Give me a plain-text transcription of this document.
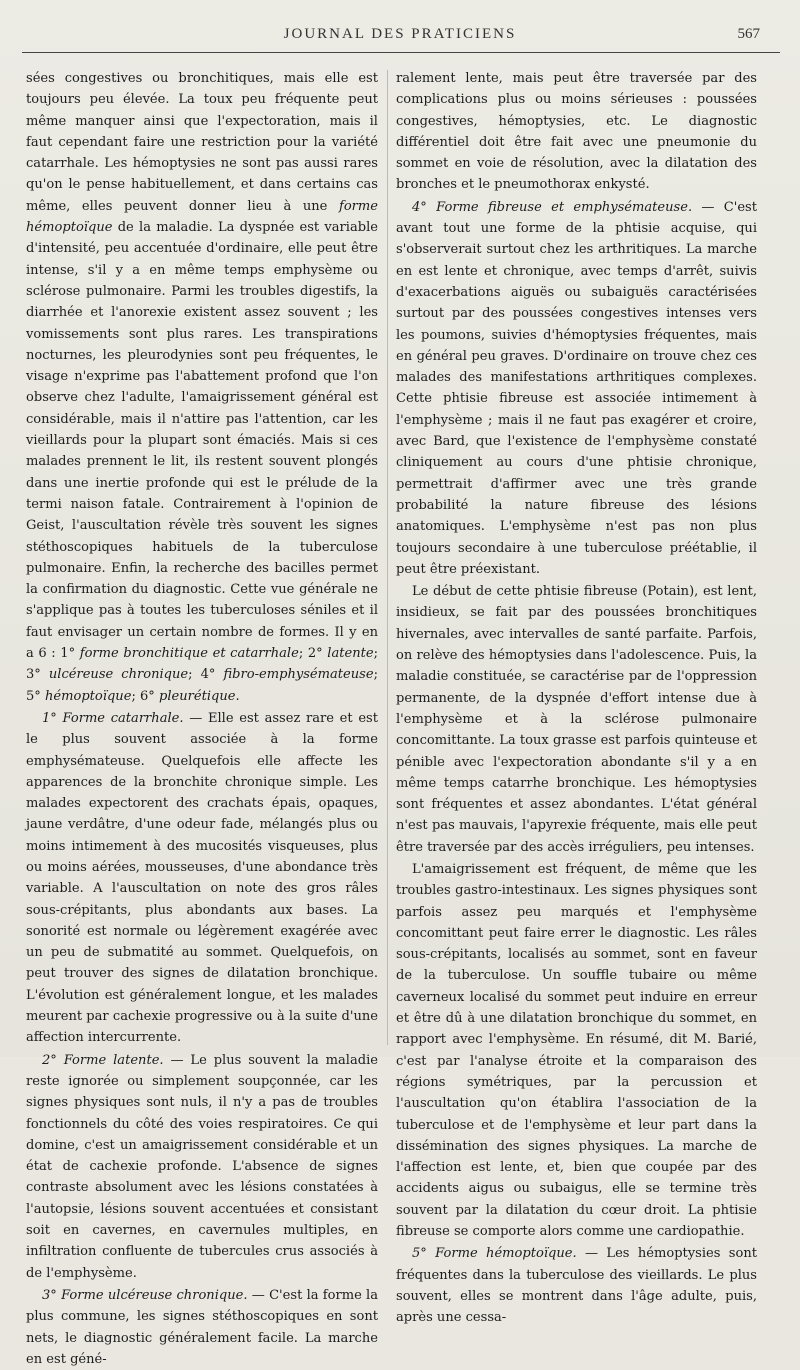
JOURNAL DES PRATICIENS	567

sées congestives ou bronchitiques, mais elle est toujours peu élevée. La toux peu fréquente peut même manquer ainsi que l'expectoration, mais il faut cependant faire une restriction pour la variété catarrhale. Les hémoptysies ne sont pas aussi rares qu'on le pense habituellement, et dans certains cas même, elles peuvent donner lieu à une forme hémoptoïque de la maladie. La dyspnée est variable d'intensité, peu accentuée d'ordinaire, elle peut être intense, s'il y a en même temps emphysème ou sclérose pulmonaire. Parmi les troubles digestifs, la diarrhée et l'anorexie existent assez souvent ; les vomissements sont plus rares. Les transpirations nocturnes, les pleurodynies sont peu fréquentes, le visage n'exprime pas l'abattement profond que l'on observe chez l'adulte, l'amaigrissement général est considérable, mais il n'attire pas l'attention, car les vieillards pour la plupart sont émaciés. Mais si ces malades prennent le lit, ils restent souvent plongés dans une inertie profonde qui est le prélude de la termi naison fatale. Contrairement à l'opinion de Geist, l'auscultation révèle très souvent les signes stéthoscopiques habituels de la tuberculose pulmonaire. Enfin, la recherche des bacilles permet la confirmation du diagnostic. Cette vue générale ne s'applique pas à toutes les tuberculoses séniles et il faut envisager un certain nombre de formes. Il y en a 6 : 1° forme bronchitique et catarrhale; 2° latente; 3° ulcéreuse chronique; 4° fibro-emphysémateuse; 5° hémoptoïque; 6° pleurétique.

1° Forme catarrhale. — Elle est assez rare et est le plus souvent associée à la forme emphysémateuse. Quelquefois elle affecte les apparences de la bronchite chronique simple. Les malades expectorent des crachats épais, opaques, jaune verdâtre, d'une odeur fade, mélangés plus ou moins intimement à des mucosités visqueuses, plus ou moins aérées, mousseuses, d'une abondance très variable. A l'auscultation on note des gros râles sous-crépitants, plus abondants aux bases. La sonorité est normale ou légèrement exagérée avec un peu de submatité au sommet. Quelquefois, on peut trouver des signes de dilatation bronchique. L'évolution est généralement longue, et les malades meurent par cachexie progressive ou à la suite d'une affection intercurrente.

2° Forme latente. — Le plus souvent la maladie reste ignorée ou simplement soupçonnée, car les signes physiques sont nuls, il n'y a pas de troubles fonctionnels du côté des voies respiratoires. Ce qui domine, c'est un amaigrissement considérable et un état de cachexie profonde. L'absence de signes contraste absolument avec les lésions constatées à l'autopsie, lésions souvent accentuées et consistant soit en cavernes, en cavernules multiples, en infiltration confluente de tubercules crus associés à de l'emphysème.

3° Forme ulcéreuse chronique. — C'est la forme la plus commune, les signes stéthoscopiques en sont nets, le diagnostic généralement facile. La marche en est géné-

ralement lente, mais peut être traversée par des complications plus ou moins sérieuses : poussées congestives, hémoptysies, etc. Le diagnostic différentiel doit être fait avec une pneumonie du sommet en voie de résolution, avec la dilatation des bronches et le pneumothorax enkysté.

4° Forme fibreuse et emphysémateuse. — C'est avant tout une forme de la phtisie acquise, qui s'observerait surtout chez les arthritiques. La marche en est lente et chronique, avec temps d'arrêt, suivis d'exacerbations aiguës ou subaiguës caractérisées surtout par des poussées congestives intenses vers les poumons, suivies d'hémoptysies fréquentes, mais en général peu graves. D'ordinaire on trouve chez ces malades des manifestations arthritiques complexes. Cette phtisie fibreuse est associée intimement à l'emphysème ; mais il ne faut pas exagérer et croire, avec Bard, que l'existence de l'emphysème constaté cliniquement au cours d'une phtisie chronique, permettrait d'affirmer avec une très grande probabilité la nature fibreuse des lésions anatomiques. L'emphysème n'est pas non plus toujours secondaire à une tuberculose préétablie, il peut être préexistant.

Le début de cette phtisie fibreuse (Potain), est lent, insidieux, se fait par des poussées bronchitiques hivernales, avec intervalles de santé parfaite. Parfois, on relève des hémoptysies dans l'adolescence. Puis, la maladie constituée, se caractérise par de l'oppression permanente, de la dyspnée d'effort intense due à l'emphysème et à la sclérose pulmonaire concomittante. La toux grasse est parfois quinteuse et pénible avec l'expectoration abondante s'il y a en même temps catarrhe bronchique. Les hémoptysies sont fréquentes et assez abondantes. L'état général n'est pas mauvais, l'apyrexie fréquente, mais elle peut être traversée par des accès irréguliers, peu intenses.

L'amaigrissement est fréquent, de même que les troubles gastro-intestinaux. Les signes physiques sont parfois assez peu marqués et l'emphysème concomittant peut faire errer le diagnostic. Les râles sous-crépitants, localisés au sommet, sont en faveur de la tuberculose. Un souffle tubaire ou même caverneux localisé du sommet peut induire en erreur et être dû à une dilatation bronchique du sommet, en rapport avec l'emphysème. En résumé, dit M. Barié, c'est par l'analyse étroite et la comparaison des régions symétriques, par la percussion et l'auscultation qu'on établira l'association de la tuberculose et de l'emphysème et leur part dans la dissémination des signes physiques. La marche de l'affection est lente, et, bien que coupée par des accidents aigus ou subaigus, elle se termine très souvent par la dilatation du cœur droit. La phtisie fibreuse se comporte alors comme une cardiopathie.

5° Forme hémoptoïque. — Les hémoptysies sont fréquentes dans la tuberculose des vieillards. Le plus souvent, elles se montrent dans l'âge adulte, puis, après une cessa-
